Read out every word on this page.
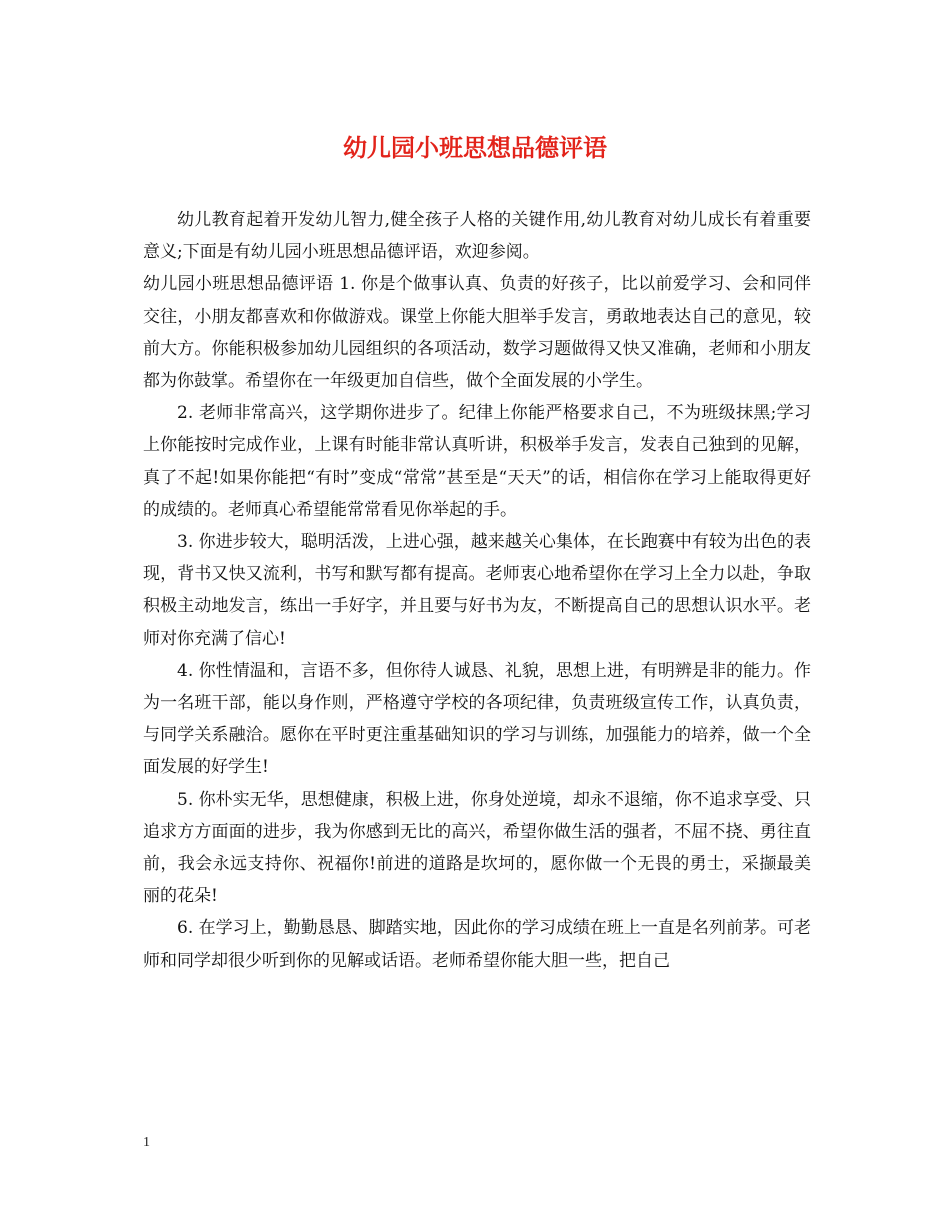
幼儿园小班思想品德评语

幼儿教育起着开发幼儿智力,健全孩子人格的关键作用,幼儿教育对幼儿成长有着重要意义;下面是有幼儿园小班思想品德评语，欢迎参阅。

幼儿园小班思想品德评语 1. 你是个做事认真、负责的好孩子，比以前爱学习、会和同伴交往，小朋友都喜欢和你做游戏。课堂上你能大胆举手发言，勇敢地表达自己的意见，较前大方。你能积极参加幼儿园组织的各项活动，数学习题做得又快又准确，老师和小朋友都为你鼓掌。希望你在一年级更加自信些，做个全面发展的小学生。

2. 老师非常高兴，这学期你进步了。纪律上你能严格要求自己，不为班级抹黑;学习上你能按时完成作业，上课有时能非常认真听讲，积极举手发言，发表自己独到的见解，真了不起!如果你能把“有时”变成“常常”甚至是“天天”的话，相信你在学习上能取得更好的成绩的。老师真心希望能常常看见你举起的手。

3. 你进步较大，聪明活泼，上进心强，越来越关心集体，在长跑赛中有较为出色的表现，背书又快又流利，书写和默写都有提高。老师衷心地希望你在学习上全力以赴，争取积极主动地发言，练出一手好字，并且要与好书为友，不断提高自己的思想认识水平。老师对你充满了信心!

4. 你性情温和，言语不多，但你待人诚恳、礼貌，思想上进，有明辨是非的能力。作为一名班干部，能以身作则，严格遵守学校的各项纪律，负责班级宣传工作，认真负责，与同学关系融洽。愿你在平时更注重基础知识的学习与训练，加强能力的培养，做一个全面发展的好学生!

5. 你朴实无华，思想健康，积极上进，你身处逆境，却永不退缩，你不追求享受、只追求方方面面的进步，我为你感到无比的高兴，希望你做生活的强者，不屈不挠、勇往直前，我会永远支持你、祝福你!前进的道路是坎坷的，愿你做一个无畏的勇士，采撷最美丽的花朵!

6. 在学习上，勤勤恳恳、脚踏实地，因此你的学习成绩在班上一直是名列前茅。可老师和同学却很少听到你的见解或话语。老师希望你能大胆一些，把自己

1
